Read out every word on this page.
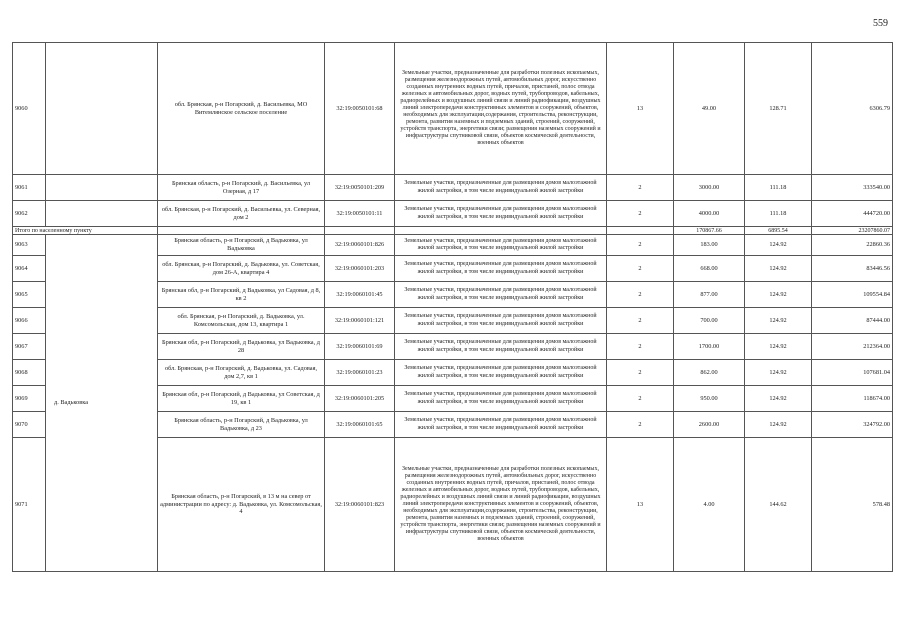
559
9060		обл. Брянская, р-н Погарский, д. Васильевка, МО Витемлянское сельское поселение	32:19:0050101:68	Земельные участки, предназначенные для разработки полезных ископаемых, размещения железнодорожных путей, автомобильных дорог, искусственно созданных внутренних водных путей, причалов, пристаней, полос отвода железных и автомобильных дорог, водных путей, трубопроводов, кабельных, радиорелейных и воздушных линий связи и линий радиофикации, воздушных линий электропередачи конструктивных элементов и сооружений, объектов, необходимых для эксплуатации,содержания, строительства, реконструкции, ремонта, развития наземных и подземных зданий, строений, сооружений, устройств транспорта, энергетики связи; размещения наземных сооружений и инфраструктуры спутниковой связи, объектов космической деятельности, военных объектов	13	49.00	128.71	6306.79
9061		Брянская область, р-н Погарский, д. Васильевка, ул Озерная, д 17	32:19:0050101:209	Земельные участки, предназначенные для размещения домов малоэтажной жилой застройки, в том числе индивидуальной жилой застройки	2	3000.00	111.18	333540.00
9062		обл. Брянская, р-н Погарский, д. Васильевка, ул. Северная, дом 2	32:19:0050101:11	Земельные участки, предназначенные для размещения домов малоэтажной жилой застройки, в том числе индивидуальной жилой застройки	2	4000.00	111.18	444720.00
Итого по населенному пункту						170867.66	6895.54	23207860.07
9063	д. Вадьковка	Брянская область, р-н Погарский, д Вадьковка, ул Вадьковка	32:19:0060101:826	Земельные участки, предназначенные для размещения домов малоэтажной жилой застройки, в том числе индивидуальной жилой застройки	2	183.00	124.92	22860.36
9064		обл. Брянская, р-н Погарский, д. Вадьковка, ул. Советская, дом 26-А, квартира 4	32:19:0060101:203	Земельные участки, предназначенные для размещения домов малоэтажной жилой застройки, в том числе индивидуальной жилой застройки	2	668.00	124.92	83446.56
9065		Брянская обл, р-н Погарский, д Вадьковка, ул Садовая, д 8, кв 2	32:19:0060101:45	Земельные участки, предназначенные для размещения домов малоэтажной жилой застройки, в том числе индивидуальной жилой застройки	2	877.00	124.92	109554.84
9066		обл. Брянская, р-н Погарский, д. Вадьковка, ул. Комсомольская, дом 13, квартира 1	32:19:0060101:121	Земельные участки, предназначенные для размещения домов малоэтажной жилой застройки, в том числе индивидуальной жилой застройки	2	700.00	124.92	87444.00
9067		Брянская обл, р-н Погарский, д Вадьковка, ул Вадьковка, д 28	32:19:0060101:69	Земельные участки, предназначенные для размещения домов малоэтажной жилой застройки, в том числе индивидуальной жилой застройки	2	1700.00	124.92	212364.00
9068		обл. Брянская, р-н Погарский, д. Вадьковка, ул. Садовая, дом 2,7, кв 1	32:19:0060101:23	Земельные участки, предназначенные для размещения домов малоэтажной жилой застройки, в том числе индивидуальной жилой застройки	2	862.00	124.92	107681.04
9069		Брянская обл, р-н Погарский, д Вадьковка, ул Советская, д 19, кв 1	32:19:0060101:205	Земельные участки, предназначенные для размещения домов малоэтажной жилой застройки, в том числе индивидуальной жилой застройки	2	950.00	124.92	118674.00
9070		Брянская область, р-н Погарский, д Вадьковка, ул Вадьковка, д 23	32:19:0060101:65	Земельные участки, предназначенные для размещения домов малоэтажной жилой застройки, в том числе индивидуальной жилой застройки	2	2600.00	124.92	324792.00
9071		Брянская область, р-н Погарский, в 13 м на север от администрации по адресу: д. Вадьковка, ул. Комсомольская, 4	32:19:0060101:823	Земельные участки, предназначенные для разработки полезных ископаемых, размещения железнодорожных путей, автомобильных дорог, искусственно созданных внутренних водных путей, причалов, пристаней, полос отвода железных и автомобильных дорог, водных путей, трубопроводов, кабельных, радиорелейных и воздушных линий связи и линий радиофикации, воздушных линий электропередачи конструктивных элементов и сооружений, объектов, необходимых для эксплуатации,содержания, строительства, реконструкции, ремонта, развития наземных и подземных зданий, строений, сооружений, устройств транспорта, энергетики связи; размещения наземных сооружений и инфраструктуры спутниковой связи, объектов космической деятельности, военных объектов	13	4.00	144.62	578.48
